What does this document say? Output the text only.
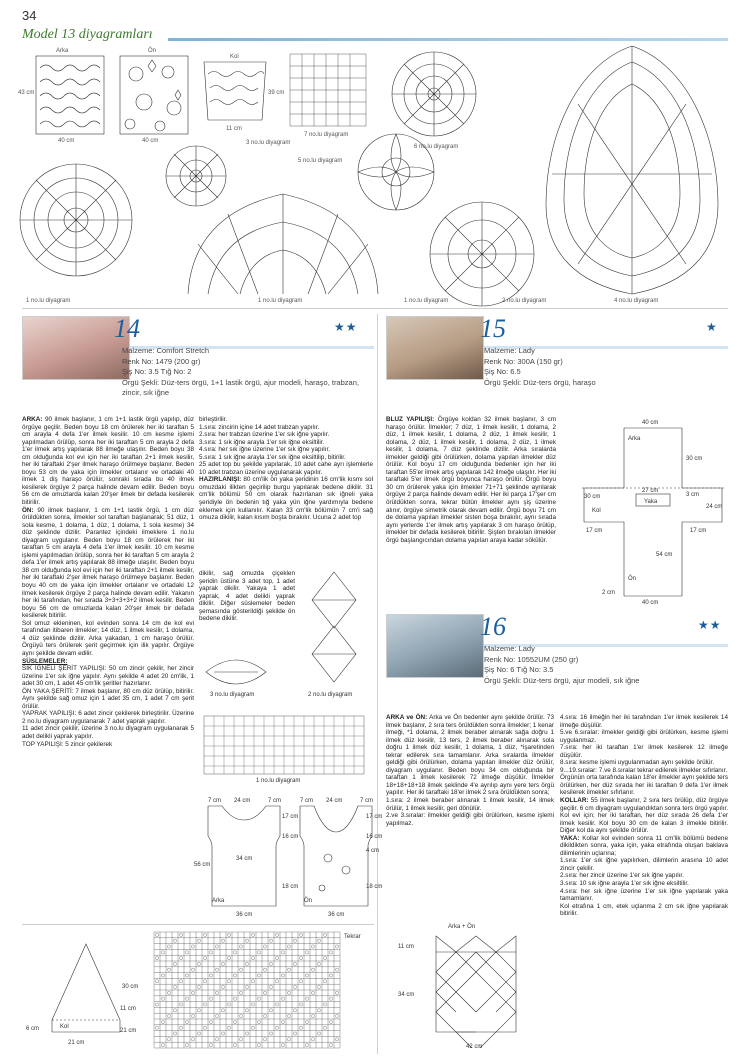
34
Model 13 diyagramları
Arka	Ön
Kol
40 cm	40 cm
43 cm
11 cm
39 cm
7 no.lu diyagram
3 no.lu diyagram
5 no.lu diyagram
6 no.lu diyagram
4 no.lu diyagram
2 no.lu diyagram
1 no.lu diyagram	1 no.lu diyagram	1 no.lu diyagram
14	★★
Malzeme: Comfort Stretch
Renk No: 1479 (200 gr)
Şiş No: 3.5 Tığ No: 2
Örgü Şekli: Düz-ters örgü, 1+1 lastik örgü, ajur modeli, haraşo, trabzan, zincir, sık iğne
15	★
Malzeme: Lady
Renk No: 300A (150 gr)
Şiş No: 6.5
Örgü Şekli: Düz-ters örgü, haraşo

ARKA: 90 ilmek başlanır, 1 cm 1+1 lastik örgü yapılıp, düz örgüye geçilir. Beden boyu 18 cm örülerek her iki taraftan 5 cm arayla 4 defa 1'er ilmek kesilir. 10 cm kesme işlemi yapılmadan örülüp, sonra her iki taraftan 5 cm arayla 2 defa 1'er ilmek artış yapılarak 88 ilmeğe ulaşılır. Beden boyu 38 cm olduğunda kol evi için her iki taraftan 2+1 ilmek kesilir, her iki taraftaki 2'şer ilmek haraşo örülmeye başlanır. Beden boyu 53 cm de yaka için ilmekler ortalanır ve ortadaki 40 ilmek 1 diş haraşo örülür, sonraki sırada bu 40 ilmek kesilerek örgüye 2 parça halinde devam edilir. Beden boyu 56 cm de omuzlarda kalan 20'şer ilmek bir defada kesilerek bitirilir.

ÖN: 90 ilmek başlanır, 1 cm 1+1 lastik örgü, 1 cm düz örüldükten sonra, ilmekler sol taraftan başlanarak; 51 düz, 1 sola kesme, 1 dolamа, 1 düz, 1 dolama, 1 sola kesme) 34 düz şeklinde dizilir. Parantez içindeki ilmeklere 1 no.lu diyagram uygulanır. Beden boyu 18 cm örülerek her iki taraftan 5 cm arayla 4 defa 1'er ilmek kesilir. 10 cm kesme işlemi yapılmadan örülüp, sonra her iki taraftan 5 cm arayla 2 defa 1'er ilmek artış yapılarak 88 ilmeğe ulaşılır. Beden boyu 38 cm olduğunda kol evi için her iki taraftan 2+1 ilmek kesilir, her iki taraftaki 2'şer ilmek haraşo örülmeye başlanır. Beden boyu 40 cm de yaka için ilmekler ortalanır ve ortadaki 12 ilmek kesilerek örgüye 2 parça halinde devam edilir. Yakanın her iki tarafından, her sırada 3+3+3+3+2 ilmek kesilir. Beden boyu 56 cm de omuzlarda kalan 20'şer ilmek bir defada kesilerek bitirilir.

Sol omuz ekleninen, kol evinden sonra 14 cm de kol evi tarafından itibaren ilmekler; 14 düz, 1 ilmek kesilir, 1 dolama, 4 düz şeklinde dizilir. Arka yakadan, 1 cm haraşo örülür. Örgüyü ters örülerek şerit geçirmek için ilik yapılır. Örgüye aynı şekilde devam edilir.

SÜSLEMELER:

SIK İĞNELİ ŞERİT YAPILIŞI: 50 cm zincir çekilir, her zincir üzerine 1'er sık iğne yapılır. Aynı şekilde 4 adet 20 cm'lik, 1 adet 30 cm, 1 adet 45 cm'lik şeritler hazırlanır.

ÖN YAKA ŞERİTİ: 7 ilmek başlanır, 80 cm düz örülüp, bitirilir. Aynı şekilde sağ omuz için 1 adet 35 cm, 1 adet 7 cm şerit örülür.

YAPRAK YAPILIŞI: 6 adet zincir çekilerek birleştirilir. Üzerine 2 no.lu diyagram uygulanarak 7 adet yaprak yapılır.

11 adet zincir çekilir, üzerine 3 no.lu diyagram uygulanarak 5 adet delikli yaprak yapılır.

TOP YAPILIŞI: 5 zincir çekilerek

birleştirilir.

1.sıra: zincirin içine 14 adet trabzan yapılır.

2.sıra: her trabzan üzerine 1'er sık iğne yapılır.

3.sıra: 1 sık iğne arayla 1'er sık iğne eksiltilir.

4.sıra: her sık iğne üzerine 1'er sık iğne yapılır.

5.sıra: 1 sık iğne arayla 1'er sık iğne eksiltilip, bitirilir.

25 adet top bu şekilde yapılarak, 10 adet cahe ayrı işlemlerle 10 adet trabzan üzerine uygulanarak yapılır.

HAZIRLANIŞI: 80 cm'lik ön yaka şeridinin 16 cm'lik kısmı sol omuzdaki ilikten geçirilip burgu yapılarak bedene dikilir. 31 cm'lik bölümü 50 cm olarak hazırlanan sık iğneli yaka şeridiyle ön bedenin tığ yaka yün iğne yardımıyla bedene eklemek için kullanılır. Kalan 33 cm'lik bölümün 7 cm'i sağ omuza dikilir, kalan kısım boşta bırakılır. Ucuna 2 adet top

dikilir, sağ omuzda çiçeklen şeridin üstüne 3 adet top, 1 adet yaprak dikilir. Yakaya 1 adet yaprak, 4 adet delikli yaprak dikilir. Diğer süslemeler beden şemasında gösterildiği şekilde ön bedene dikilir.

3 no.lu diyagram	2 no.lu diyagram
1 no.lu diyagram
Arka	Ön
7 cm 24 cm	7 cm	7 cm 24 cm	7 cm
17 cm
16 cm
56 cm
34 cm
18 cm
36 cm
17 cm
16 cm
4 cm
18 cm
36 cm

BLUZ YAPILIŞI: Örgüye koldan 32 ilmek başlanır, 3 cm haraşo örülür. İlmekler; 7 düz, 1 ilmek kesilir, 1 dolama, 2 düz, 1 ilmek kesilir, 1 dolama, 2 düz, 1 ilmek kesilir, 1 dolama, 2 düz, 1 ilmek kesilir, 1 dolama, 2 düz, 1 ilmek kesilir, 1 dolama, 7 düz şeklinde dizilir. Arka sıralarda ilmekler geldiği gibi örülürken, dolama yapılan ilmekler düz örülür. Kol boyu 17 cm olduğunda bedenler için her iki taraftan 55'er ilmek artış yapılarak 142 ilmeğe ulaşılır. Her iki taraftaki 5'er ilmek örgü boyunca haraşo örülür. Örgü boyu 30 cm örülerek yaka için ilmekler 71+71 şeklinde ayrılarak örgüye 2 parça halinde devam edilir. Her iki parça 17'şer cm örüldükten sonra, tekrar bütün ilmekler aynı şiş üzerine alınır, örgüye simetrik olarak devam edilir. Örgü boyu 71 cm de dolama yapılan ilmekler sisten boşa bırakılır, aynı sırada aynı yerlerde 1'er ilmek artış yapılarak 3 cm haraşo örülüp, ilmekler bir defada kesilerek bitirilir. Şişten bırakılan ilmekler örgü başlangıcından dolama yapılan araya kadar sökülür.

40 cm
Arka
30 cm
30 cm
27 cm
Yaka
Kol
24 cm
3 cm
17 cm	17 cm
54 cm
Ön
2 cm
40 cm
16	★★
Malzeme: Lady
Renk No: 10552UM (250 gr)
Şiş No: 6 Tığ No: 3.5
Örgü Şekli: Düz-ters örgü, ajur modeli, sık iğne

ARKA ve ÖN: Arka ve Ön bedenler aynı şekilde örülür. 73 ilmek başlanır, 2 sıra ters örüldükten sonra ilmekler; 1 kenar ilmeği, *1 dolama, 2 ilmek beraber alınarak sağa doğru 1 ilmek düz kesilir, 13 ters, 2 ilmek beraber alınarak sola doğru 1 ilmek düz kesilir, 1 dolama, 1 düz, *işaretinden tekrar edilerek sıra tamamlanır. Arka sıralarda ilmekler geldiği gibi örülürken, dolama yapılan ilmekler düz örülür, diyagram uygulanır. Beden boyu 34 cm olduğunda bir taraftan 1 ilmek kesilerek 72 ilmeğe düşülür. İlmekler 18+18+18+18 ilmek şeklinde 4'e ayrılıp aynı yere ters örgü yapılır. Her iki taraftaki 18'er ilmek 2 sıra örüldükten sonra;

1.sıra: 2 ilmek beraber alınarak 1 ilmek kesilir, 14 ilmek örülür, 1 ilmek kesilir, geri dönülür.

2.ve 3.sıralar: ilmekler geldiği gibi örülürken, kesme işlemi yapılmaz.

4.sıra: 16 ilmeğin her iki tarafından 1'er ilmek kesilerek 14 ilmeğe düşülür.

5.ve 6.sıralar: ilmekler geldiği gibi örülürken, kesme işlemi uygulanmaz.

7.sıra: her iki taraftan 1'er ilmek kesilerek 12 ilmeğe düşülür.

8.sıra: kesme işlemi uygulanmadan aynı şekilde örülür.

9...19.sıralar: 7.ve 8.sıralar tekrar edilerek ilmekler sıfırlanır.

Örgünün orta tarafında kalan 18'er ilmekler aynı şekilde ters örülürken, her düz sırada her iki taraftan 9 defa 1'er ilmek kesilerek ilmekler sıfırlanır.

KOLLAR: 55 ilmek başlanır, 2 sıra ters örülüp, düz örgüye geçilir. 6 cm diyagram uygulandıktan sonra ters örgü yapılır. Kol evi için; her iki taraftan, her düz sırada 26 defa 1'er ilmek kesilir. Kol boyu 30 cm de kalan 3 ilmekle bitirilir. Diğer kol da aynı şekilde örülür.

YAKA: Kollar kol evinden sonra 11 cm'lik bölümü bedene dikildikten sonra, yaka için, yaka etrafında oluşan baklava dilimlerinin uçlarına;

1.sıra: 1'er sık iğne yapılırken, dilimlerin arasına 10 adet zincir çekilir.

2.sıra: her zincir üzerine 1'er sık iğne yapılır.

3.sıra: 10 sık iğne arayla 1'er sık iğne eksiltilir.

4.sıra: her sık iğne üzerine 1'er sık iğne yapılarak yaka tamamlanır.

Kol etrafına 1 cm, etek uçlanma 2 cm sık iğne yapılarak bitirilir.

30 cm
Kol
6 cm
21 cm
21 cm
11 cm
Tekrar
Arka + Ön
11 cm
34 cm
42 cm
